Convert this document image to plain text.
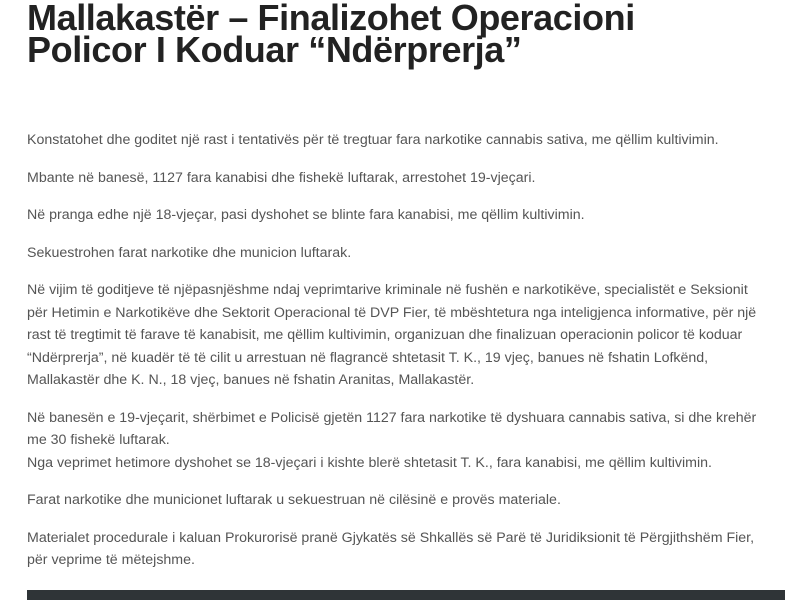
Mallakastër – Finalizohet Operacioni
Policor I Koduar “Ndërprerja”

Konstatohet dhe goditet një rast i tentativës për të tregtuar fara narkotike cannabis sativa, me qëllim kultivimin.

Mbante në banesë, 1127 fara kanabisi dhe fishekë luftarak, arrestohet 19-vjeçari.

Në pranga edhe një 18-vjeçar, pasi dyshohet se blinte fara kanabisi, me qëllim kultivimin.

Sekuestrohen farat narkotike dhe municion luftarak.

Në vijim të goditjeve të njëpasnjëshme ndaj veprimtarive kriminale në fushën e narkotikëve, specialistët e Seksionit
për Hetimin e Narkotikëve dhe Sektorit Operacional të DVP Fier, të mbështetura nga inteligjenca informative, për një
rast të tregtimit të farave të kanabisit, me qëllim kultivimin, organizuan dhe finalizuan operacionin policor të koduar
“Ndërprerja”, në kuadër të të cilit u arrestuan në flagrancë shtetasit T. K., 19 vjeç, banues në fshatin Lofkënd,
Mallakastër dhe K. N., 18 vjeç, banues në fshatin Aranitas, Mallakastër.

Në banesën e 19-vjeçarit, shërbimet e Policisë gjetën 1127 fara narkotike të dyshuara cannabis sativa, si dhe krehër
me 30 fishekë luftarak.
Nga veprimet hetimore dyshohet se 18-vjeçari i kishte blerë shtetasit T. K., fara kanabisi, me qëllim kultivimin.

Farat narkotike dhe municionet luftarak u sekuestruan në cilësinë e provës materiale.

Materialet procedurale i kaluan Prokurorisë pranë Gjykatës së Shkallës së Parë të Juridiksionit të Përgjithshëm Fier,
për veprime të mëtejshme.
